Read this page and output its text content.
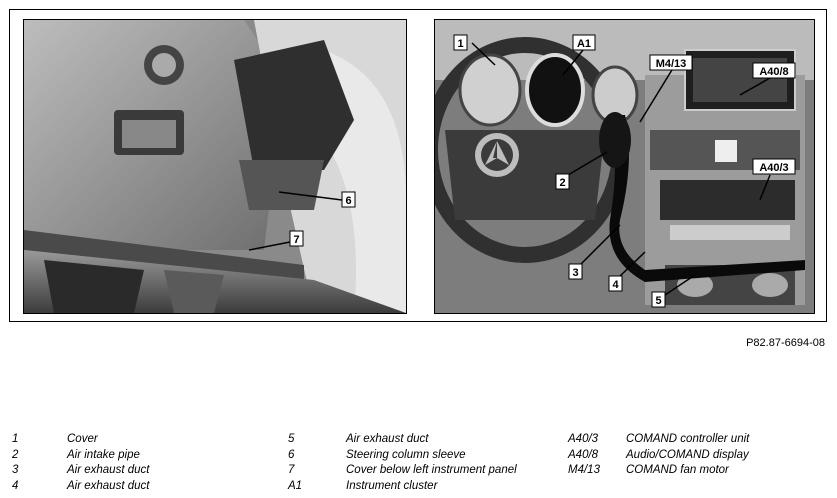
6
7
1	A1
M4/13
A40/8
2
A40/3
3
4
5
P82.87-6694-08
1	Cover
2	Air intake pipe
3	Air exhaust duct
4	Air exhaust duct
5	Air exhaust duct
6	Steering column sleeve
7	Cover below left instrument panel
A1	Instrument cluster
A40/3	COMAND controller unit
A40/8	Audio/COMAND display
M4/13	COMAND fan motor
